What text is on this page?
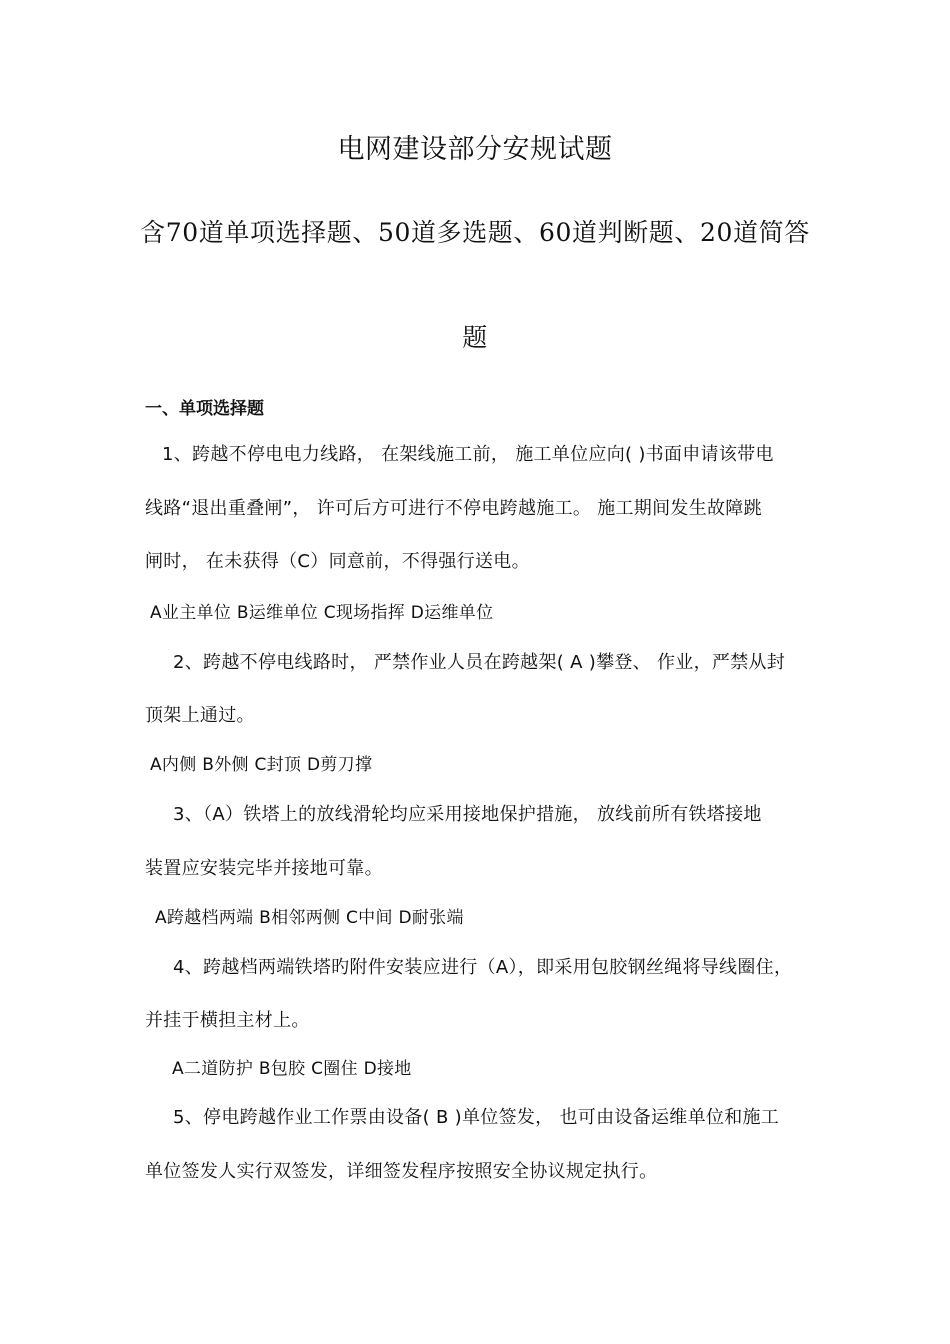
电网建设部分安规试题
含70道单项选择题、50道多选题、60道判断题、20道简答
题
一、单项选择题
1、跨越不停电电力线路， 在架线施工前， 施工单位应向( )书面申请该带电
线路“退出重叠闸”， 许可后方可进行不停电跨越施工。 施工期间发生故障跳
闸时， 在未获得（C）同意前，不得强行送电。
A业主单位 B运维单位 C现场指挥 D运维单位
2、跨越不停电线路时， 严禁作业人员在跨越架( A )攀登、 作业，严禁从封
顶架上通过。
A内侧 B外侧 C封顶 D剪刀撑
3、（A）铁塔上的放线滑轮均应采用接地保护措施， 放线前所有铁塔接地
装置应安装完毕并接地可靠。
A跨越档两端 B相邻两侧 C中间 D耐张端
4、跨越档两端铁塔旳附件安装应进行（A），即采用包胶钢丝绳将导线圈住，
并挂于横担主材上。
A二道防护 B包胶 C圈住 D接地
5、停电跨越作业工作票由设备( B )单位签发， 也可由设备运维单位和施工
单位签发人实行双签发，详细签发程序按照安全协议规定执行。
